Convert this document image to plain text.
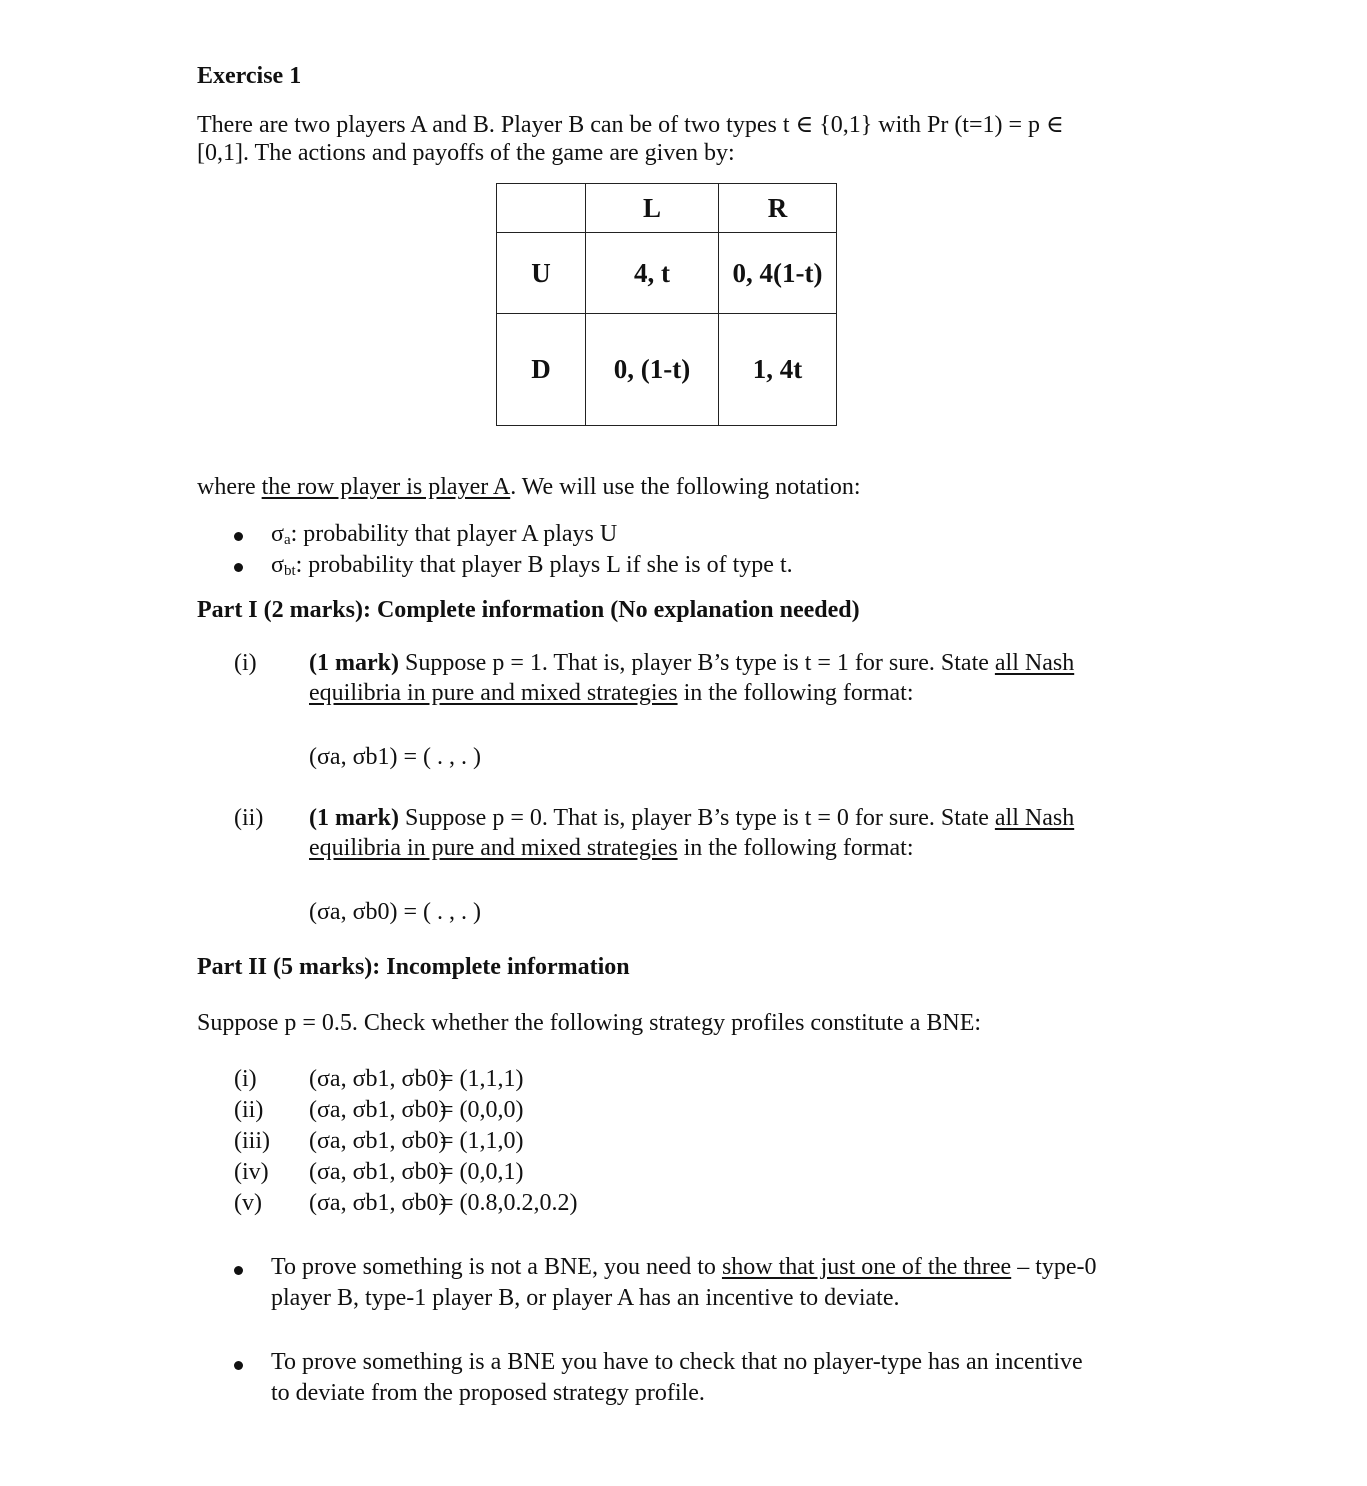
Exercise 1
There are two players A and B. Player B can be of two types t ∈ {0,1} with Pr (t=1) = p ∈
[0,1]. The actions and payoffs of the game are given by:
	L	R
U	4, t	0, 4(1-t)
D	0, (1-t)	1, 4t
where the row player is player A. We will use the following notation:
$\sigma_a$: probability that player A plays U
$\sigma_{bt}$: probability that player B plays L if she is of type t.
Part I (2 marks): Complete information (No explanation needed)
(i) (1 mark) Suppose p = 1. That is, player B’s type is t = 1 for sure. State all Nash
equilibria in pure and mixed strategies in the following format:
(σa, σb1) = ( . , . )
(ii) (1 mark) Suppose p = 0. That is, player B’s type is t = 0 for sure. State all Nash
equilibria in pure and mixed strategies in the following format:
(σa, σb0) = ( . , . )
Part II (5 marks): Incomplete information
Suppose p = 0.5. Check whether the following strategy profiles constitute a BNE:
(i) (σa, σb1, σb0)
= (1,1,1)
(ii) (σa, σb1, σb0)
= (0,0,0)
(iii) (σa, σb1, σb0)
= (1,1,0)
(iv) (σa, σb1, σb0)
= (0,0,1)
(v) (σa, σb1, σb0)
= (0.8,0.2,0.2)
To prove something is not a BNE, you need to show that just one of the three – type-0
player B, type-1 player B, or player A has an incentive to deviate.
To prove something is a BNE you have to check that no player-type has an incentive
to deviate from the proposed strategy profile.
